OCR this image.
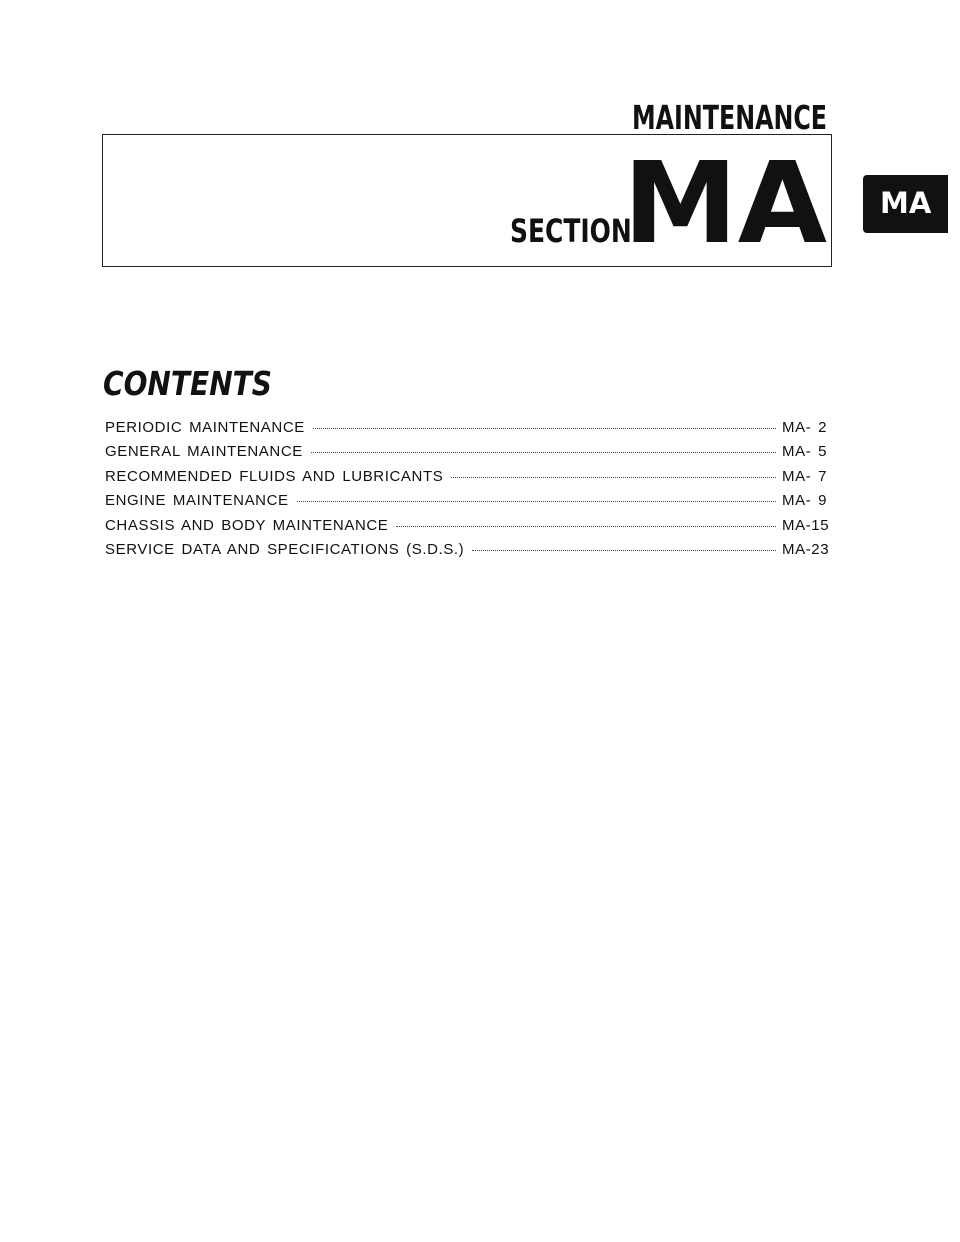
MAINTENANCE
SECTION
MA MA
CONTENTS
PERIODIC MAINTENANCE	MA- 2
GENERAL MAINTENANCE	MA- 5
RECOMMENDED FLUIDS AND LUBRICANTS	MA- 7
ENGINE MAINTENANCE	MA- 9
CHASSIS AND BODY MAINTENANCE	MA-15
SERVICE DATA AND SPECIFICATIONS (S.D.S.)	MA-23
